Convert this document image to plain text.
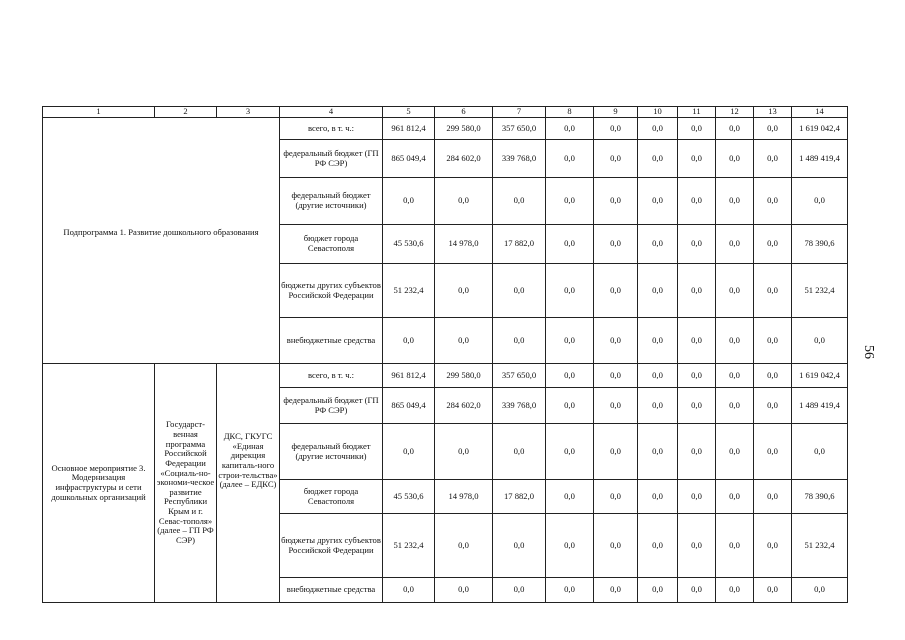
1	2	3	4	5	6	7	8	9	10	11	12	13	14
Подпрограмма 1. Развитие дошкольного образования			всего, в т. ч.:	961 812,4	299 580,0	357 650,0	0,0	0,0	0,0	0,0	0,0	0,0	1 619 042,4
			федеральный бюджет (ГП РФ СЭР)	865 049,4	284 602,0	339 768,0	0,0	0,0	0,0	0,0	0,0	0,0	1 489 419,4
			федеральный бюджет (другие источники)	0,0	0,0	0,0	0,0	0,0	0,0	0,0	0,0	0,0	0,0
			бюджет города Севастополя	45 530,6	14 978,0	17 882,0	0,0	0,0	0,0	0,0	0,0	0,0	78 390,6
			бюджеты других субъектов Российской Федерации	51 232,4	0,0	0,0	0,0	0,0	0,0	0,0	0,0	0,0	51 232,4
			внебюджетные средства	0,0	0,0	0,0	0,0	0,0	0,0	0,0	0,0	0,0	0,0
Основное мероприятие 3. Модернизация инфраструктуры и сети дошкольных организаций	Государст-венная программа Российской Федерации «Социаль-но-экономи-ческое развитие Республики Крым и г. Севас-тополя» (далее – ГП РФ СЭР)	ДКС, ГКУГС «Единая дирекция капиталь-ного строи-тельства» (далее – ЕДКС)	всего, в т. ч.:	961 812,4	299 580,0	357 650,0	0,0	0,0	0,0	0,0	0,0	0,0	1 619 042,4
			федеральный бюджет (ГП РФ СЭР)	865 049,4	284 602,0	339 768,0	0,0	0,0	0,0	0,0	0,0	0,0	1 489 419,4
			федеральный бюджет (другие источники)	0,0	0,0	0,0	0,0	0,0	0,0	0,0	0,0	0,0	0,0
			бюджет города Севастополя	45 530,6	14 978,0	17 882,0	0,0	0,0	0,0	0,0	0,0	0,0	78 390,6
			бюджеты других субъектов Российской Федерации	51 232,4	0,0	0,0	0,0	0,0	0,0	0,0	0,0	0,0	51 232,4
			внебюджетные средства	0,0	0,0	0,0	0,0	0,0	0,0	0,0	0,0	0,0	0,0
56
